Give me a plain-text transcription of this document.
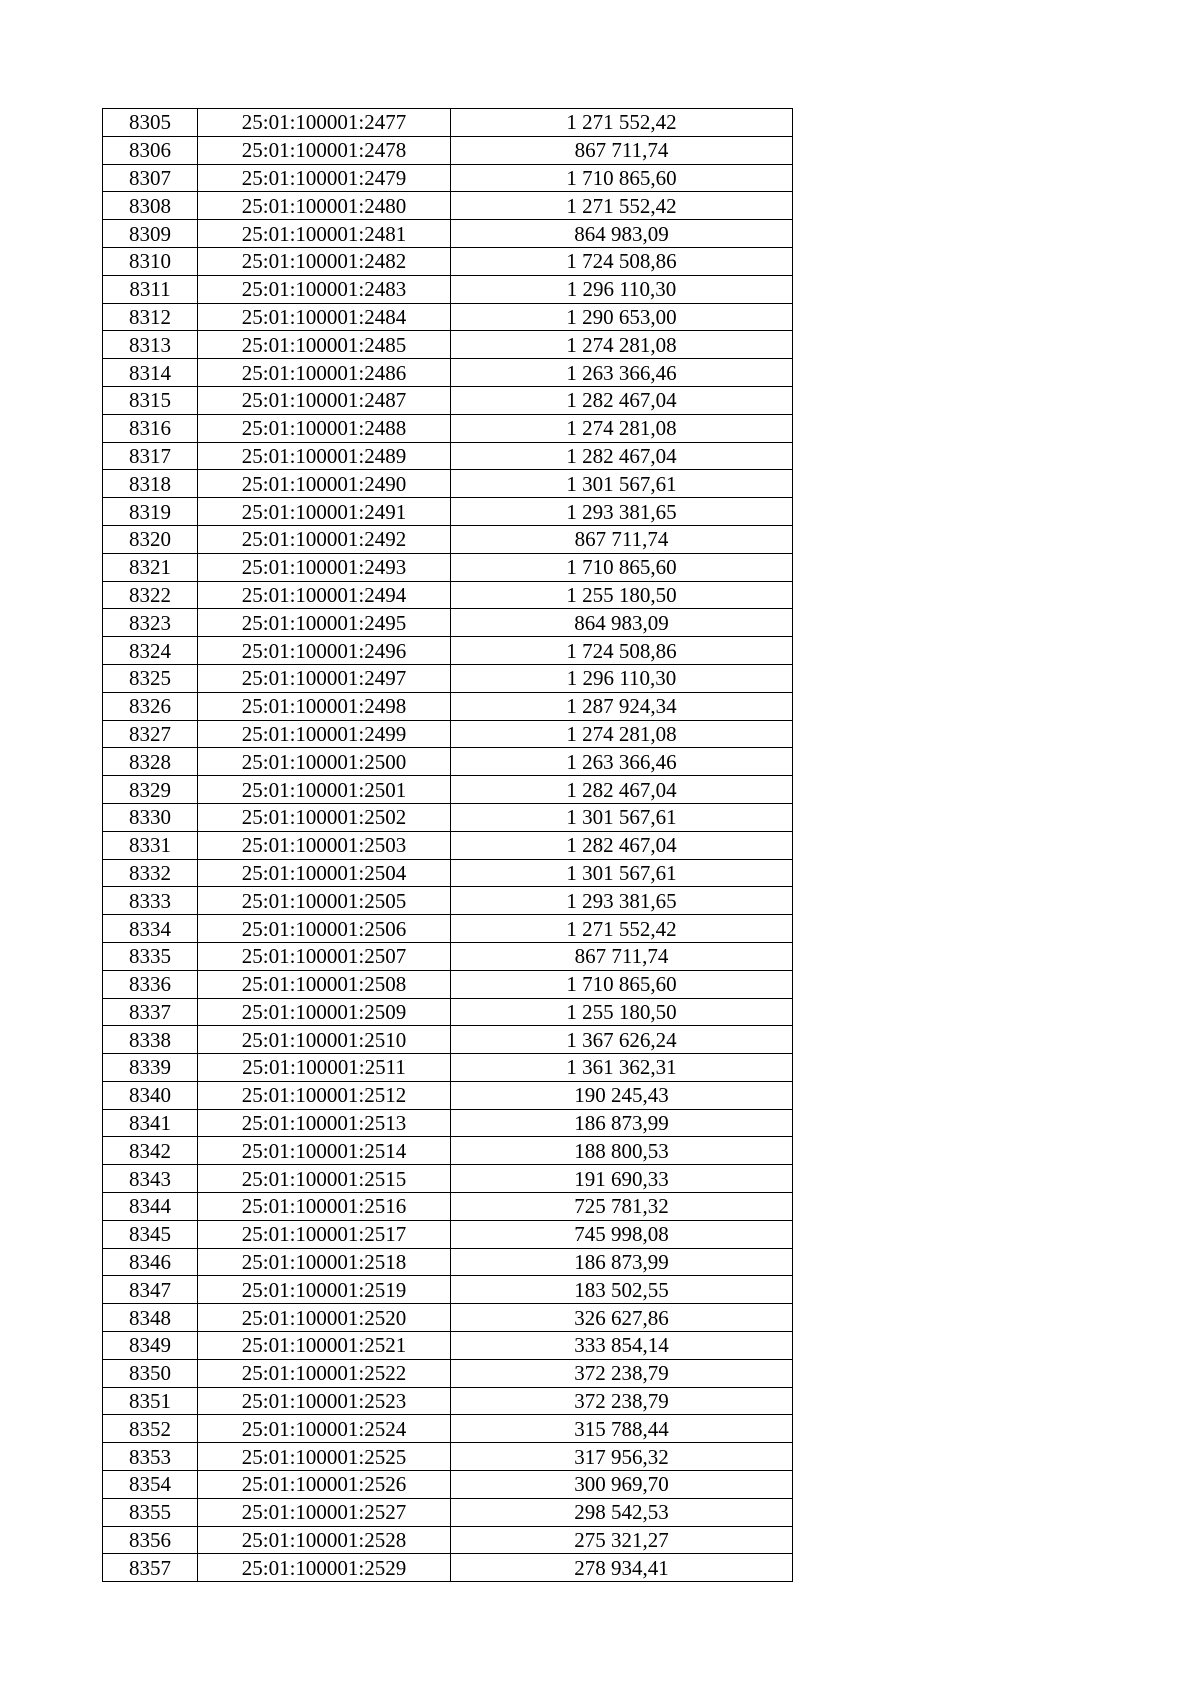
8305	25:01:100001:2477	1 271 552,42
8306	25:01:100001:2478	867 711,74
8307	25:01:100001:2479	1 710 865,60
8308	25:01:100001:2480	1 271 552,42
8309	25:01:100001:2481	864 983,09
8310	25:01:100001:2482	1 724 508,86
8311	25:01:100001:2483	1 296 110,30
8312	25:01:100001:2484	1 290 653,00
8313	25:01:100001:2485	1 274 281,08
8314	25:01:100001:2486	1 263 366,46
8315	25:01:100001:2487	1 282 467,04
8316	25:01:100001:2488	1 274 281,08
8317	25:01:100001:2489	1 282 467,04
8318	25:01:100001:2490	1 301 567,61
8319	25:01:100001:2491	1 293 381,65
8320	25:01:100001:2492	867 711,74
8321	25:01:100001:2493	1 710 865,60
8322	25:01:100001:2494	1 255 180,50
8323	25:01:100001:2495	864 983,09
8324	25:01:100001:2496	1 724 508,86
8325	25:01:100001:2497	1 296 110,30
8326	25:01:100001:2498	1 287 924,34
8327	25:01:100001:2499	1 274 281,08
8328	25:01:100001:2500	1 263 366,46
8329	25:01:100001:2501	1 282 467,04
8330	25:01:100001:2502	1 301 567,61
8331	25:01:100001:2503	1 282 467,04
8332	25:01:100001:2504	1 301 567,61
8333	25:01:100001:2505	1 293 381,65
8334	25:01:100001:2506	1 271 552,42
8335	25:01:100001:2507	867 711,74
8336	25:01:100001:2508	1 710 865,60
8337	25:01:100001:2509	1 255 180,50
8338	25:01:100001:2510	1 367 626,24
8339	25:01:100001:2511	1 361 362,31
8340	25:01:100001:2512	190 245,43
8341	25:01:100001:2513	186 873,99
8342	25:01:100001:2514	188 800,53
8343	25:01:100001:2515	191 690,33
8344	25:01:100001:2516	725 781,32
8345	25:01:100001:2517	745 998,08
8346	25:01:100001:2518	186 873,99
8347	25:01:100001:2519	183 502,55
8348	25:01:100001:2520	326 627,86
8349	25:01:100001:2521	333 854,14
8350	25:01:100001:2522	372 238,79
8351	25:01:100001:2523	372 238,79
8352	25:01:100001:2524	315 788,44
8353	25:01:100001:2525	317 956,32
8354	25:01:100001:2526	300 969,70
8355	25:01:100001:2527	298 542,53
8356	25:01:100001:2528	275 321,27
8357	25:01:100001:2529	278 934,41
